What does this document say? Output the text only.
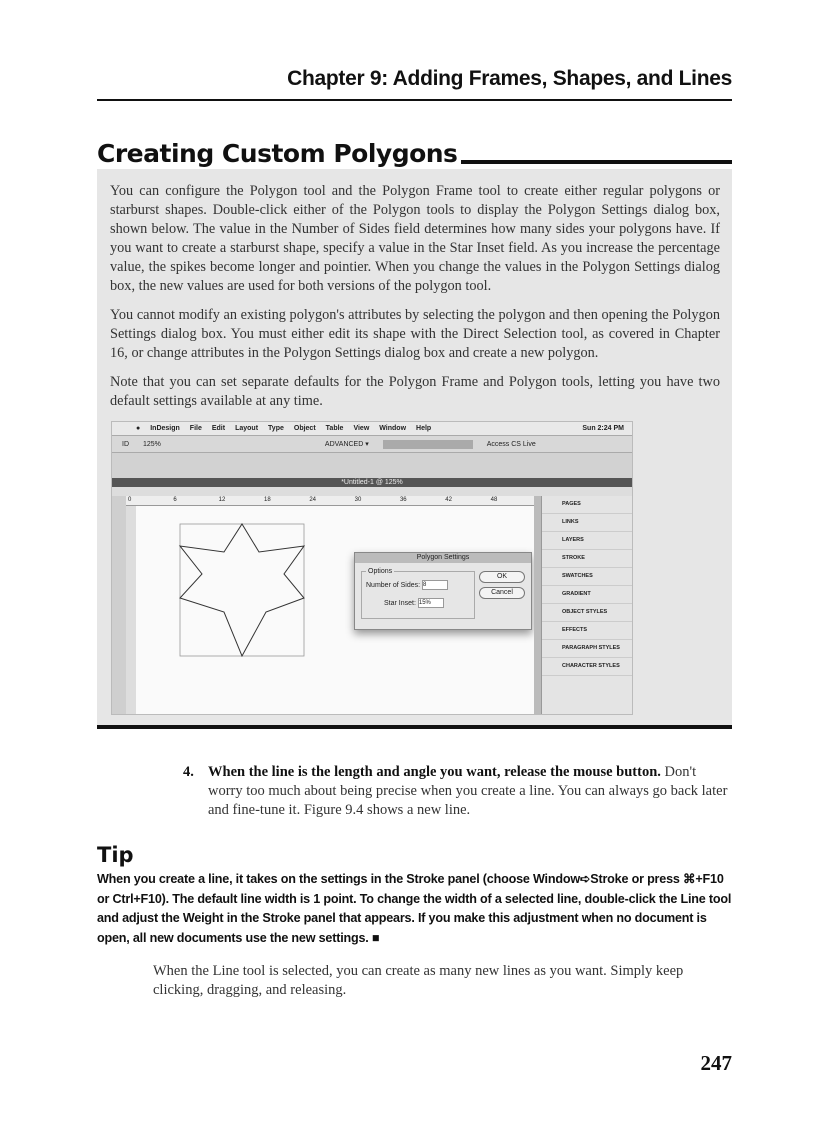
Chapter 9: Adding Frames, Shapes, and Lines
Creating Custom Polygons

You can configure the Polygon tool and the Polygon Frame tool to create either regular polygons or starburst shapes. Double-click either of the Polygon tools to display the Polygon Settings dialog box, shown below. The value in the Number of Sides field determines how many sides your polygons have. If you want to create a starburst shape, specify a value in the Star Inset field. As you increase the percentage value, the spikes become longer and pointier. When you change the values in the Polygon Settings dialog box, the new values are used for both versions of the polygon tool.

You cannot modify an existing polygon's attributes by selecting the polygon and then opening the Polygon Settings dialog box. You must either edit its shape with the Direct Selection tool, as covered in Chapter 16, or change attributes in the Polygon Settings dialog box and create a new polygon.

Note that you can set separate defaults for the Polygon Frame and Polygon tools, letting you have two default settings available at any time.

● InDesign File Edit Layout Type Object Table View Window Help	Sun 2:24 PM
ID 125%	ADVANCED ▾	Access CS Live
*Untitled-1 @ 125%
0	6	12	18	24	30	36	42	48
Polygon Settings
Options
Number of Sides: 8
Star Inset: 15%
OK
Cancel
PAGES
LINKS
LAYERS
STROKE
SWATCHES
GRADIENT
OBJECT STYLES
EFFECTS
PARAGRAPH STYLES
CHARACTER STYLES
4. When the line is the length and angle you want, release the mouse button. Don't worry too much about being precise when you create a line. You can always go back later and fine-tune it. Figure 9.4 shows a new line.
Tip
When you create a line, it takes on the settings in the Stroke panel (choose Window➪Stroke or press ⌘+F10 or Ctrl+F10). The default line width is 1 point. To change the width of a selected line, double-click the Line tool and adjust the Weight in the Stroke panel that appears. If you make this adjustment when no document is open, all new documents use the new settings. ■
When the Line tool is selected, you can create as many new lines as you want. Simply keep clicking, dragging, and releasing.
247
